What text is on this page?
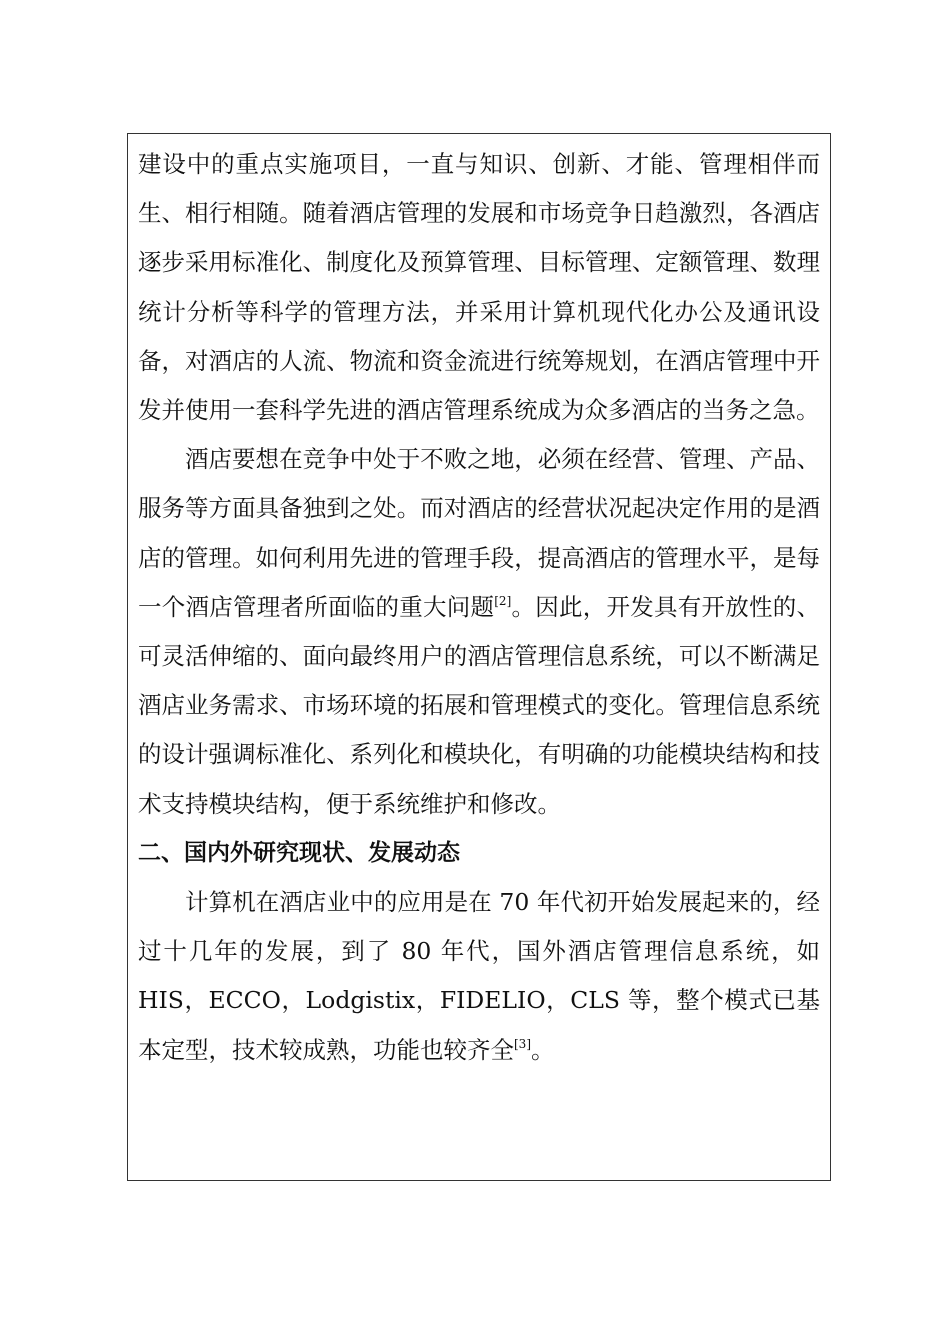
建设中的重点实施项目，一直与知识、创新、才能、管理相伴而生、相行相随。随着酒店管理的发展和市场竞争日趋激烈，各酒店逐步采用标准化、制度化及预算管理、目标管理、定额管理、数理统计分析等科学的管理方法，并采用计算机现代化办公及通讯设备，对酒店的人流、物流和资金流进行统筹规划，在酒店管理中开发并使用一套科学先进的酒店管理系统成为众多酒店的当务之急。

酒店要想在竞争中处于不败之地，必须在经营、管理、产品、服务等方面具备独到之处。而对酒店的经营状况起决定作用的是酒店的管理。如何利用先进的管理手段，提高酒店的管理水平，是每一个酒店管理者所面临的重大问题[2]。因此，开发具有开放性的、可灵活伸缩的、面向最终用户的酒店管理信息系统，可以不断满足酒店业务需求、市场环境的拓展和管理模式的变化。管理信息系统的设计强调标准化、系列化和模块化，有明确的功能模块结构和技术支持模块结构，便于系统维护和修改。

二、国内外研究现状、发展动态

计算机在酒店业中的应用是在 70 年代初开始发展起来的，经过十几年的发展，到了 80 年代，国外酒店管理信息系统，如 HIS，ECCO，Lodgistix，FIDELIO，CLS 等，整个模式已基本定型，技术较成熟，功能也较齐全[3]。
